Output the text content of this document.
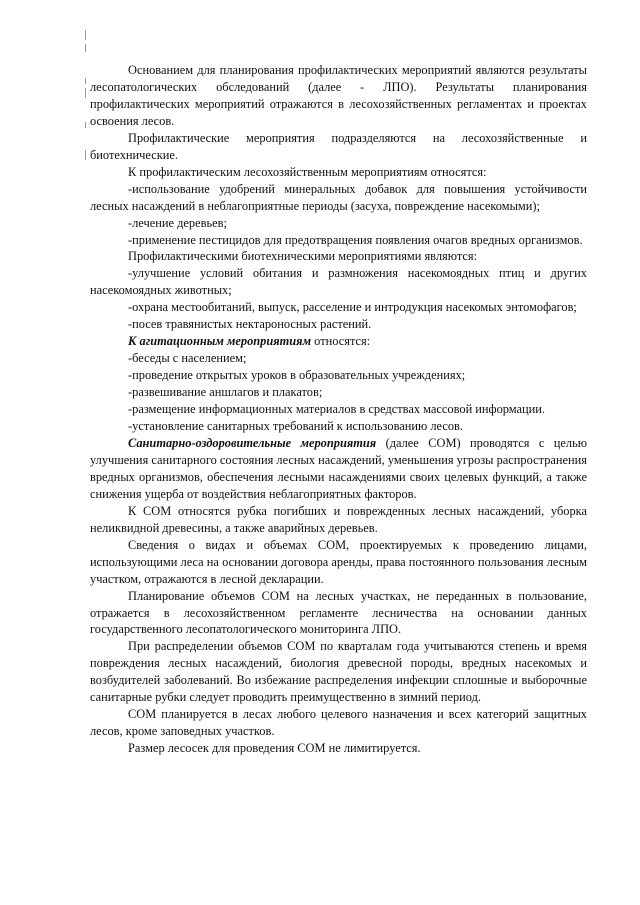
Основанием для планирования профилактических мероприятий являются результаты лесопатологических обследований (далее - ЛПО). Результаты планирования профилактических мероприятий отражаются в лесохозяйственных регламентах и проектах освоения лесов.

Профилактические мероприятия подразделяются на лесохозяйственные и биотехнические.

К профилактическим лесохозяйственным мероприятиям относятся:

-использование удобрений минеральных добавок для повышения устойчивости лесных насаждений в неблагоприятные периоды (засуха, повреждение насекомыми);

-лечение деревьев;

-применение пестицидов для предотвращения появления очагов вредных организмов.

Профилактическими биотехническими мероприятиями являются:

-улучшение условий обитания и размножения насекомоядных птиц и других насекомоядных животных;

-охрана местообитаний, выпуск, расселение и интродукция насекомых энтомофагов;

-посев травянистых нектароносных растений.

К агитационным мероприятиям относятся:

-беседы с населением;

-проведение открытых уроков в образовательных учреждениях;

-развешивание аншлагов и плакатов;

-размещение информационных материалов в средствах массовой информации.

-установление санитарных требований к использованию лесов.

Санитарно-оздоровительные мероприятия (далее СОМ) проводятся с целью улучшения санитарного состояния лесных насаждений, уменьшения угрозы распространения вредных организмов, обеспечения лесными насаждениями своих целевых функций, а также снижения ущерба от воздействия неблагоприятных факторов.

К СОМ относятся рубка погибших и поврежденных лесных насаждений, уборка неликвидной древесины, а также аварийных деревьев.

Сведения о видах и объемах СОМ, проектируемых к проведению лицами, использующими леса на основании договора аренды, права постоянного пользования лесным участком, отражаются в лесной декларации.

Планирование объемов СОМ на лесных участках, не переданных в пользование, отражается в лесохозяйственном регламенте лесничества на основании данных государственного лесопатологического мониторинга ЛПО.

При распределении объемов СОМ по кварталам года учитываются степень и время повреждения лесных насаждений, биология древесной породы, вредных насекомых и возбудителей заболеваний. Во избежание распределения инфекции сплошные и выборочные санитарные рубки следует проводить преимущественно в зимний период.

СОМ планируется в лесах любого целевого назначения и всех категорий защитных лесов, кроме заповедных участков.

Размер лесосек для проведения СОМ не лимитируется.
